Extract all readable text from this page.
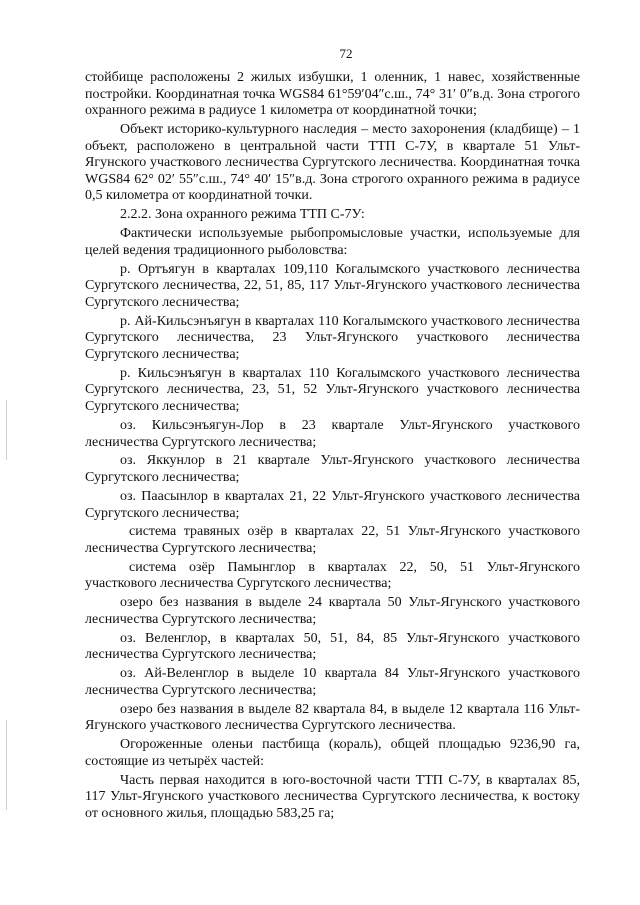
72

стойбище расположены 2 жилых избушки, 1 олeнник, 1 навес, хозяйственные постройки. Координатная точка WGS84 61°59′04″с.ш., 74° 31′ 0″в.д. Зона строгого охранного режима в радиусе 1 километра от координатной точки;

Объект историко-культурного наследия – место захоронения (кладбище) – 1 объект, расположено в центральной части ТТП С-7У, в квартале 51 Ульт-Ягунского участкового лесничества Сургутского лесничества. Координатная точка WGS84 62° 02′ 55″с.ш., 74° 40′ 15″в.д. Зона строгого охранного режима в радиусе 0,5 километра от координатной точки.

2.2.2. Зона охранного режима ТТП С-7У:

Фактически используемые рыбопромысловые участки, используемые для целей ведения традиционного рыболовства:

р. Ортъягун в кварталах 109,110 Когалымского участкового лесничества Сургутского лесничества, 22, 51, 85, 117 Ульт-Ягунского участкового лесничества Сургутского лесничества;

р. Ай-Кильсэнъягун в кварталах 110 Когалымского участкового лесничества Сургутского лесничества, 23 Ульт-Ягунского участкового лесничества Сургутского лесничества;

р. Кильсэнъягун в кварталах 110 Когалымского участкового лесничества Сургутского лесничества, 23, 51, 52 Ульт-Ягунского участкового лесничества Сургутского лесничества;

оз. Кильсэнъягун-Лор в 23 квартале Ульт-Ягунского участкового лесничества Сургутского лесничества;

оз. Яккунлор в 21 квартале Ульт-Ягунского участкового лесничества Сургутского лесничества;

оз. Паасынлор в кварталах 21, 22 Ульт-Ягунского участкового лесничества Сургутского лесничества;

система травяных озёр в кварталах 22, 51 Ульт-Ягунского участкового лесничества Сургутского лесничества;

система озёр Памынглор в кварталах 22, 50, 51 Ульт-Ягунского участкового лесничества Сургутского лесничества;

озеро без названия в выделе 24 квартала 50 Ульт-Ягунского участкового лесничества Сургутского лесничества;

оз. Веленглор, в кварталах 50, 51, 84, 85 Ульт-Ягунского участкового лесничества Сургутского лесничества;

оз. Ай-Веленглор в выделе 10 квартала 84 Ульт-Ягунского участкового лесничества Сургутского лесничества;

озеро без названия в выделе 82 квартала 84, в выделе 12 квартала 116 Ульт-Ягунского участкового лесничества Сургутского лесничества.

Огороженные оленьи пастбища (кораль), общей площадью 9236,90 га, состоящие из четырёх частей:

Часть первая находится в юго-восточной части ТТП С-7У, в кварталах 85, 117 Ульт-Ягунского участкового лесничества Сургутского лесничества, к востоку от основного жилья, площадью 583,25 га;
